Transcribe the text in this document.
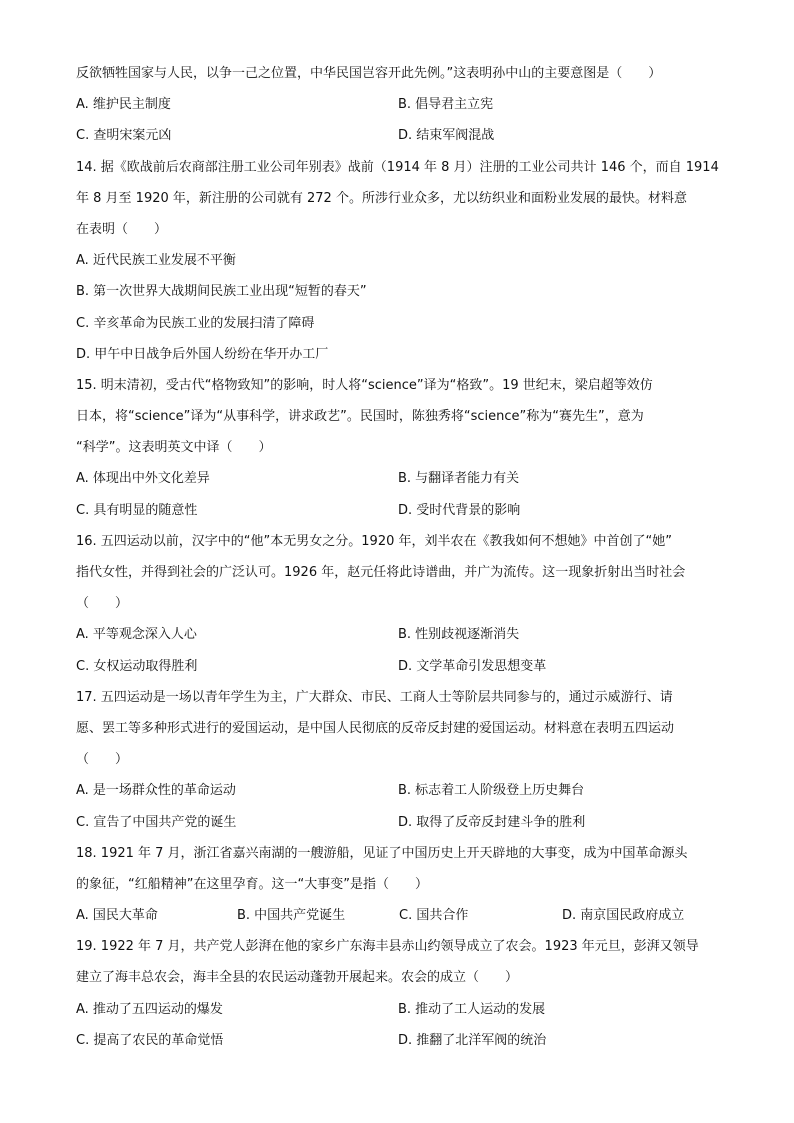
反欲牺牲国家与人民，以争一己之位置，中华民国岂容开此先例。”这表明孙中山的主要意图是（　　）
A. 维护民主制度	B. 倡导君主立宪
C. 查明宋案元凶	D. 结束军阀混战
14. 据《欧战前后农商部注册工业公司年别表》战前（1914 年 8 月）注册的工业公司共计 146 个，而自 1914
年 8 月至 1920 年，新注册的公司就有 272 个。所涉行业众多，尤以纺织业和面粉业发展的最快。材料意
在表明（　　）
A. 近代民族工业发展不平衡
B. 第一次世界大战期间民族工业出现“短暂的春天”
C. 辛亥革命为民族工业的发展扫清了障碍
D. 甲午中日战争后外国人纷纷在华开办工厂
15. 明末清初，受古代“格物致知”的影响，时人将“science”译为“格致”。19 世纪末，梁启超等效仿
日本，将“science”译为“从事科学，讲求政艺”。民国时，陈独秀将“science”称为“赛先生”，意为
“科学”。这表明英文中译（　　）
A. 体现出中外文化差异	B. 与翻译者能力有关
C. 具有明显的随意性	D. 受时代背景的影响
16. 五四运动以前，汉字中的“他”本无男女之分。1920 年，刘半农在《教我如何不想她》中首创了“她”
指代女性，并得到社会的广泛认可。1926 年，赵元任将此诗谱曲，并广为流传。这一现象折射出当时社会
（　　）
A. 平等观念深入人心	B. 性别歧视逐渐消失
C. 女权运动取得胜利	D. 文学革命引发思想变革
17. 五四运动是一场以青年学生为主，广大群众、市民、工商人士等阶层共同参与的，通过示威游行、请
愿、罢工等多种形式进行的爱国运动，是中国人民彻底的反帝反封建的爱国运动。材料意在表明五四运动
（　　）
A. 是一场群众性的革命运动	B. 标志着工人阶级登上历史舞台
C. 宣告了中国共产党的诞生	D. 取得了反帝反封建斗争的胜利
18. 1921 年 7 月，浙江省嘉兴南湖的一艘游船，见证了中国历史上开天辟地的大事变，成为中国革命源头
的象征，“红船精神”在这里孕育。这一“大事变”是指（　　）
A. 国民大革命	B. 中国共产党诞生	C. 国共合作	D. 南京国民政府成立
19. 1922 年 7 月，共产党人彭湃在他的家乡广东海丰县赤山约领导成立了农会。1923 年元旦，彭湃又领导
建立了海丰总农会，海丰全县的农民运动蓬勃开展起来。农会的成立（　　）
A. 推动了五四运动的爆发	B. 推动了工人运动的发展
C. 提高了农民的革命觉悟	D. 推翻了北洋军阀的统治
